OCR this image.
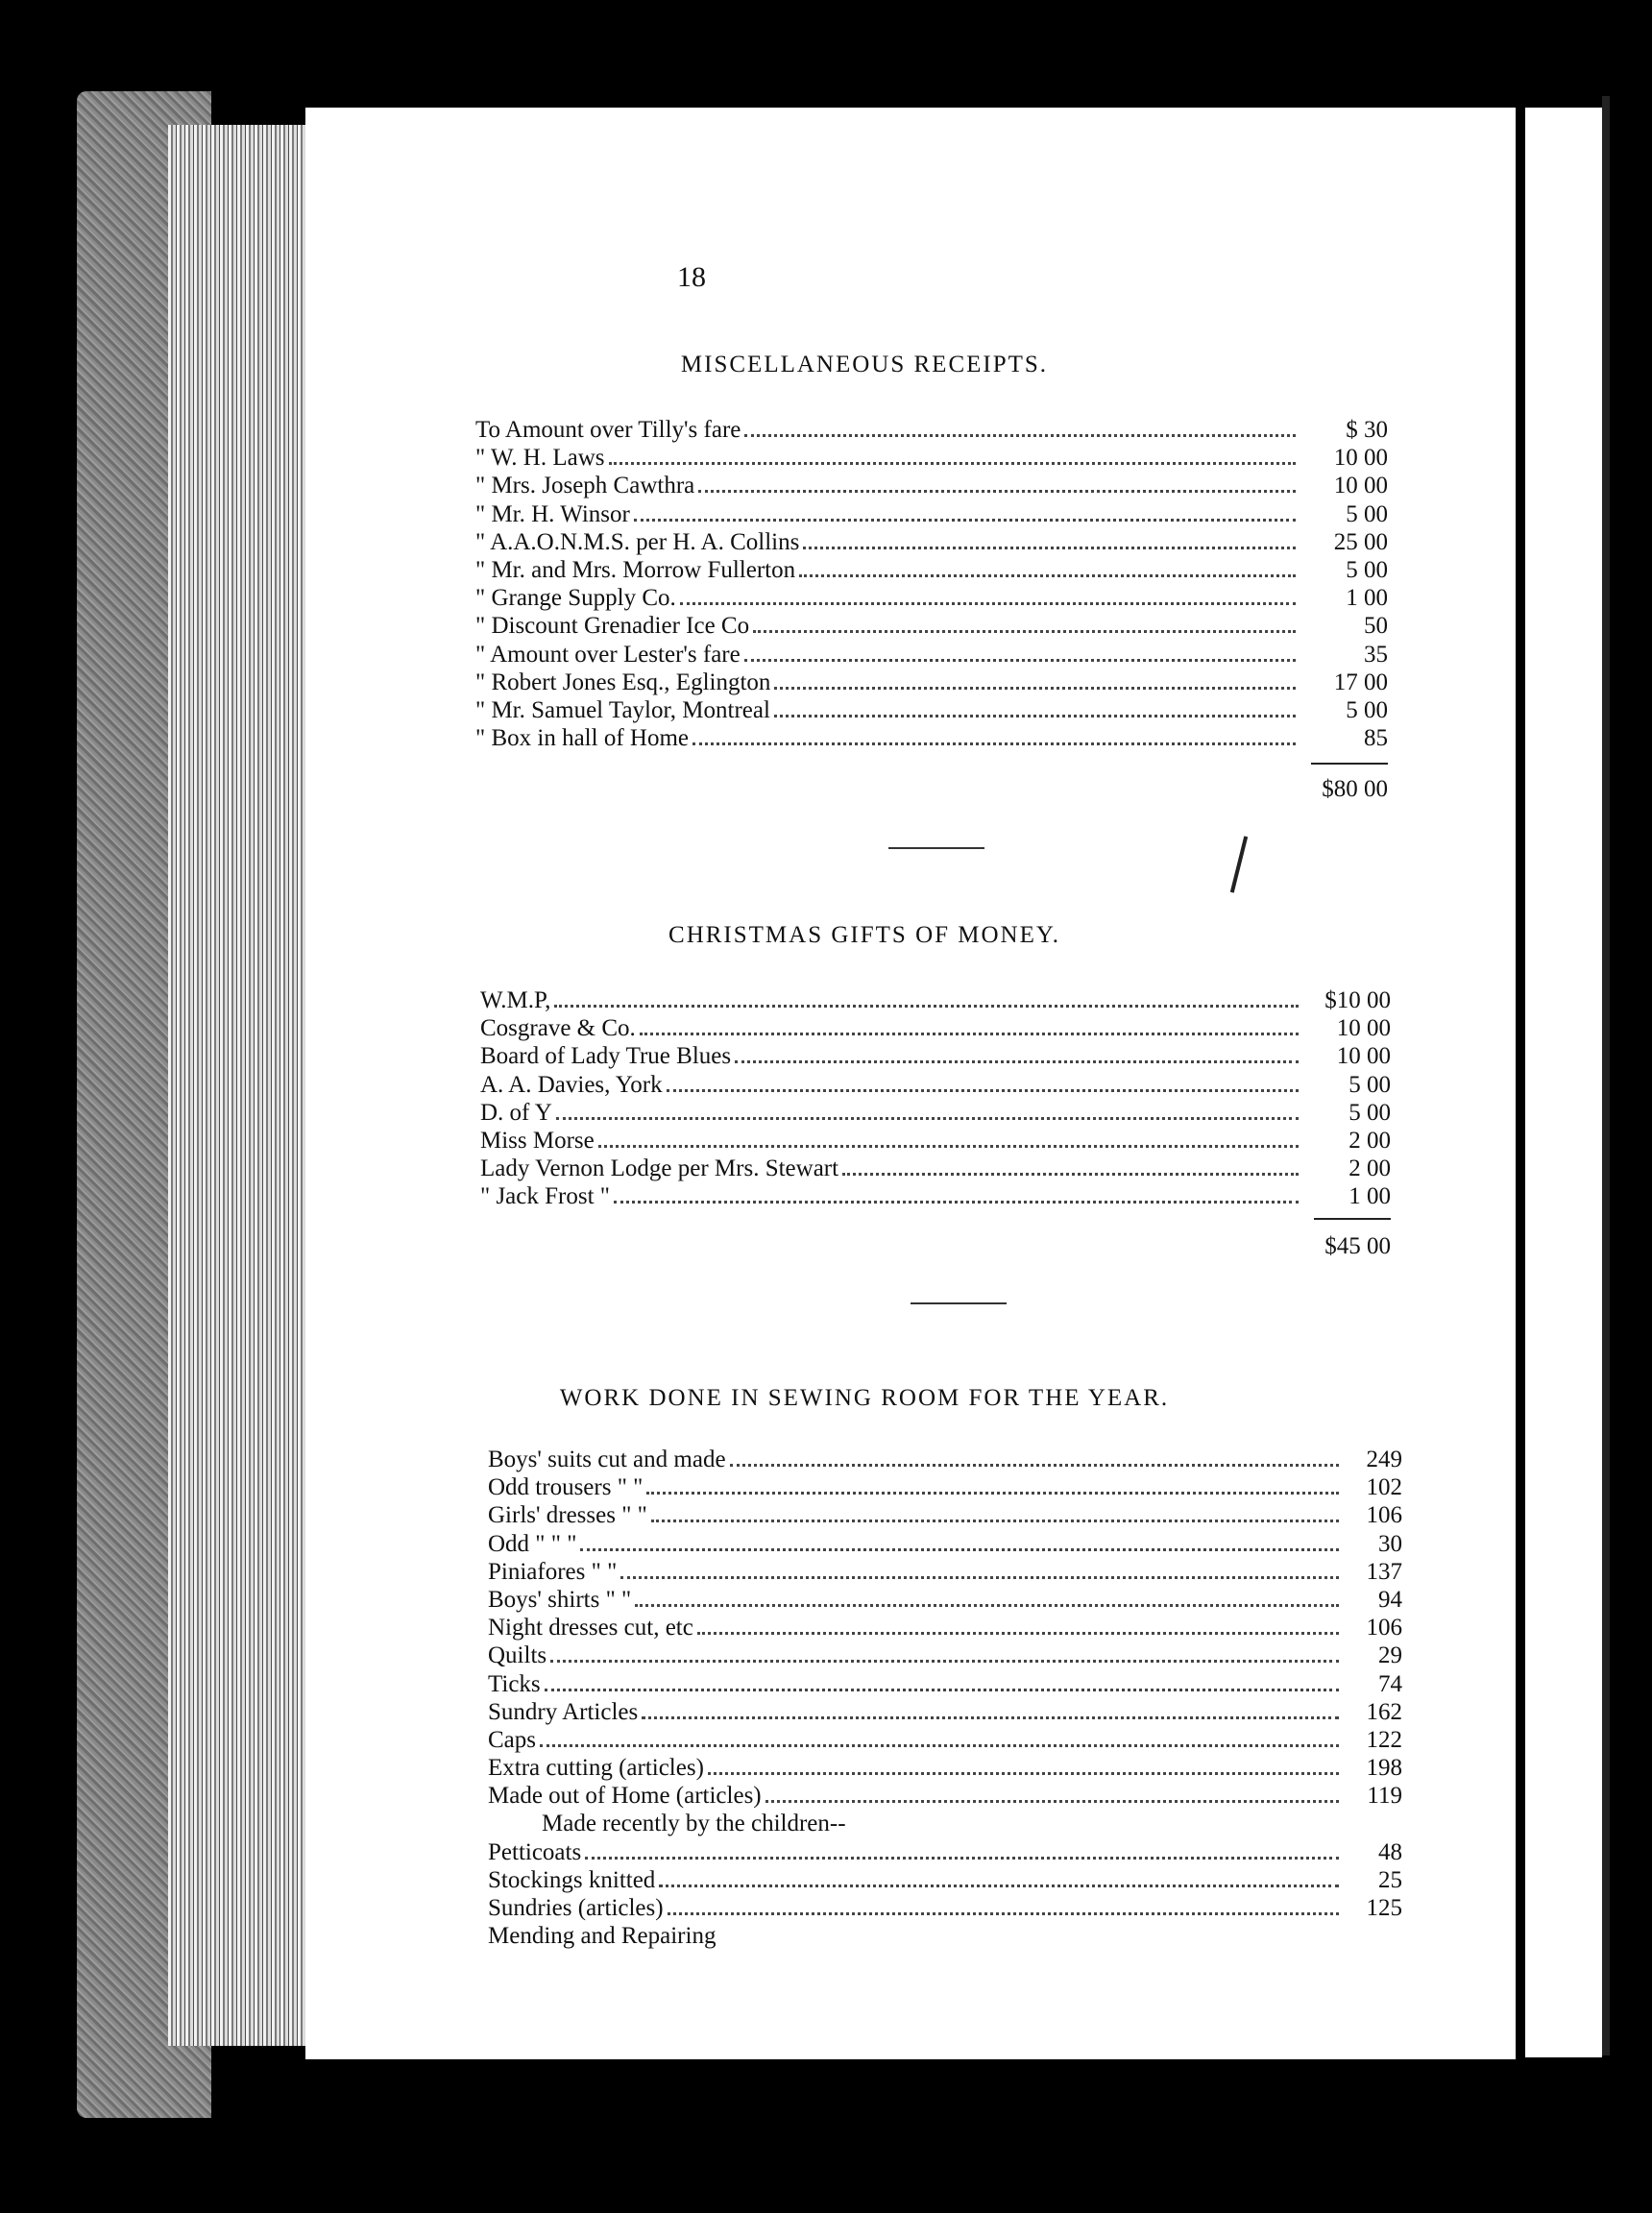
18
MISCELLANEOUS RECEIPTS.
To Amount over Tilly's fare	$ 30
" W. H. Laws	10 00
" Mrs. Joseph Cawthra	10 00
" Mr. H. Winsor	5 00
" A.A.O.N.M.S. per H. A. Collins	25 00
" Mr. and Mrs. Morrow Fullerton	5 00
" Grange Supply Co.	1 00
" Discount Grenadier Ice Co	50
" Amount over Lester's fare	35
" Robert Jones Esq., Eglington	17 00
" Mr. Samuel Taylor, Montreal	5 00
" Box in hall of Home	85
$80 00
CHRISTMAS GIFTS OF MONEY.
W.M.P,	$10 00
Cosgrave & Co.	10 00
Board of Lady True Blues	10 00
A. A. Davies, York	5 00
D. of Y	5 00
Miss Morse	2 00
Lady Vernon Lodge per Mrs. Stewart	2 00
" Jack Frost "	1 00
$45 00
WORK DONE IN SEWING ROOM FOR THE YEAR.
Boys' suits cut and made	249
Odd trousers " "	102
Girls' dresses " "	106
Odd " " "	30
Piniafores " "	137
Boys' shirts " "	94
Night dresses cut, etc	106
Quilts	29
Ticks	74
Sundry Articles	162
Caps	122
Extra cutting (articles)	198
Made out of Home (articles)	119
Made recently by the children--
Petticoats	48
Stockings knitted	25
Sundries (articles)	125
Mending and Repairing
